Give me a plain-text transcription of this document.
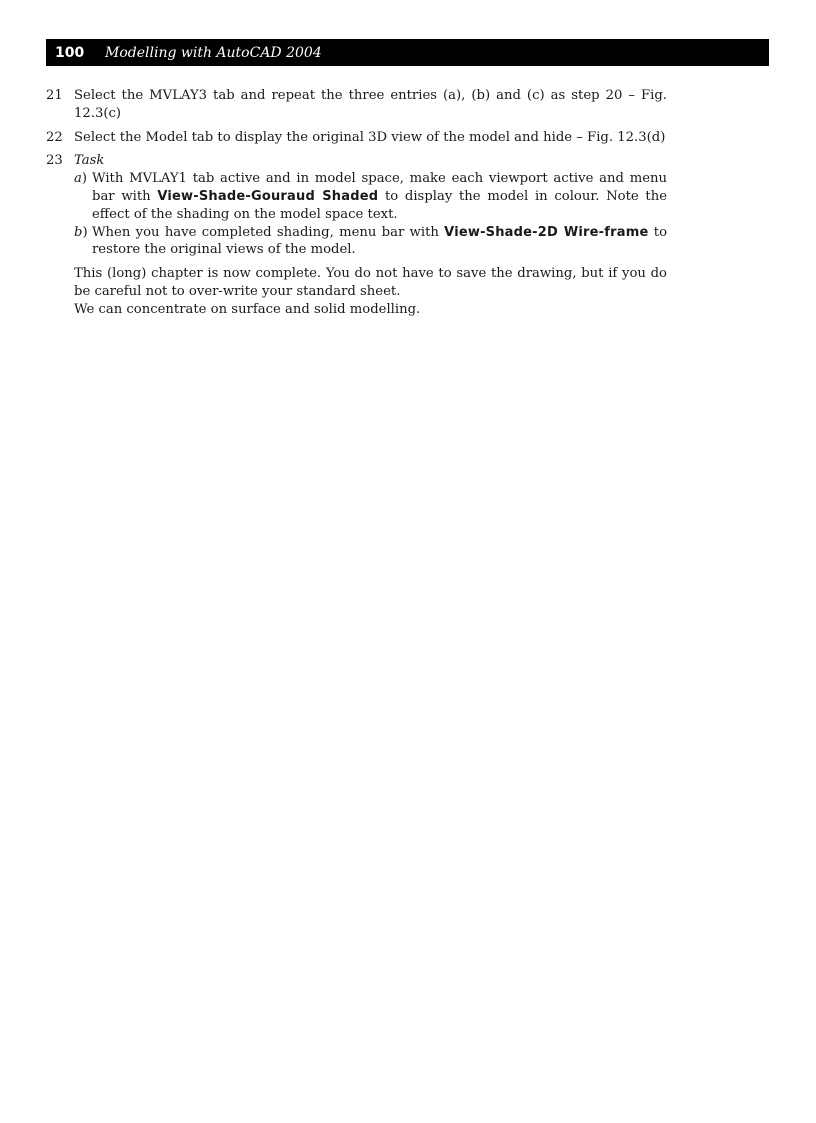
100	Modelling with AutoCAD 2004
21 Select the MVLAY3 tab and repeat the three entries (a), (b) and (c) as step 20 – Fig. 12.3(c)
22 Select the Model tab to display the original 3D view of the model and hide – Fig. 12.3(d)
23 Task
a) With MVLAY1 tab active and in model space, make each viewport active and menu bar with View-Shade-Gouraud Shaded to display the model in colour. Note the effect of the shading on the model space text.
b) When you have completed shading, menu bar with View-Shade-2D Wire-frame to restore the original views of the model.

This (long) chapter is now complete. You do not have to save the drawing, but if you do be careful not to over-write your standard sheet.

We can concentrate on surface and solid modelling.
